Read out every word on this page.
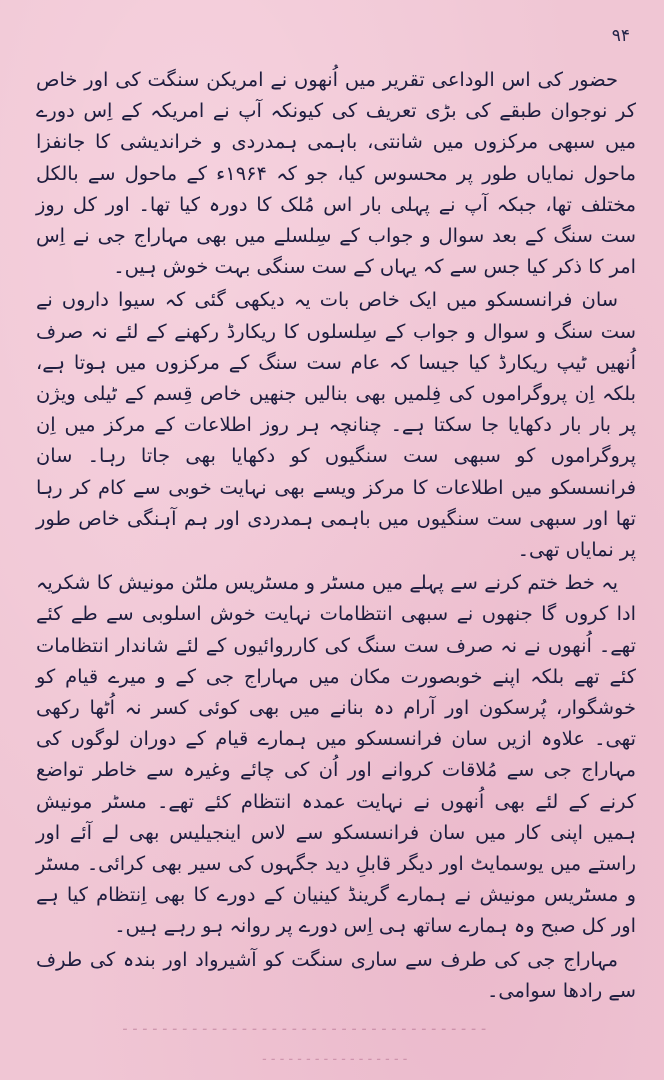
۹۴

حضور کی اس الوداعی تقریر میں اُنھوں نے امریکن سنگت کی اور خاص کر نوجوان طبقے کی بڑی تعریف کی کیونکہ آپ نے امریکہ کے اِس دورے میں سبھی مرکزوں میں شانتی، باہمی ہمدردی و خراندیشی کا جانفزا ماحول نمایاں طور پر محسوس کیا، جو کہ ۱۹۶۴ء کے ماحول سے بالکل مختلف تھا، جبکہ آپ نے پہلی بار اس مُلک کا دورہ کیا تھا۔ اور کل روز ست سنگ کے بعد سوال و جواب کے سِلسلے میں بھی مہاراج جی نے اِس امر کا ذکر کیا جس سے کہ یہاں کے ست سنگی بہت خوش ہیں۔

سان فرانسسکو میں ایک خاص بات یہ دیکھی گئی کہ سیوا داروں نے ست سنگ و سوال و جواب کے سِلسلوں کا ریکارڈ رکھنے کے لئے نہ صرف اُنھیں ٹیپ ریکارڈ کیا جیسا کہ عام ست سنگ کے مرکزوں میں ہوتا ہے، بلکہ اِن پروگراموں کی فِلمیں بھی بنالیں جنھیں خاص قِسم کے ٹیلی ویژن پر بار بار دکھایا جا سکتا ہے۔ چنانچہ ہر روز اطلاعات کے مرکز میں اِن پروگراموں کو سبھی ست سنگیوں کو دکھایا بھی جاتا رہا۔ سان فرانسسکو میں اطلاعات کا مرکز ویسے بھی نہایت خوبی سے کام کر رہا تھا اور سبھی ست سنگیوں میں باہمی ہمدردی اور ہم آہنگی خاص طور پر نمایاں تھی۔

یہ خط ختم کرنے سے پہلے میں مسٹر و مسٹریس ملٹن مونیش کا شکریہ ادا کروں گا جنھوں نے سبھی انتظامات نہایت خوش اسلوبی سے طے کئے تھے۔ اُنھوں نے نہ صرف ست سنگ کی کارروائیوں کے لئے شاندار انتظامات کئے تھے بلکہ اپنے خوبصورت مکان میں مہاراج جی کے و میرے قیام کو خوشگوار، پُرسکون اور آرام دہ بنانے میں بھی کوئی کسر نہ اُٹھا رکھی تھی۔ علاوہ ازیں سان فرانسسکو میں ہمارے قیام کے دوران لوگوں کی مہاراج جی سے مُلاقات کروانے اور اُن کی چائے وغیرہ سے خاطر تواضع کرنے کے لئے بھی اُنھوں نے نہایت عمدہ انتظام کئے تھے۔ مسٹر مونیش ہمیں اپنی کار میں سان فرانسسکو سے لاس اینجیلیس بھی لے آئے اور راستے میں یوسمایٹ اور دیگر قابلِ دید جگہوں کی سیر بھی کرائی۔ مسٹر و مسٹریس مونیش نے ہمارے گرینڈ کینیان کے دورے کا بھی اِنتظام کیا ہے اور کل صبح وہ ہمارے ساتھ ہی اِس دورے پر روانہ ہو رہے ہیں۔

مہاراج جی کی طرف سے ساری سنگت کو آشیرواد اور بندہ کی طرف سے رادھا سوامی۔

۔۔۔۔۔۔۔۔۔۔۔۔۔۔۔۔۔۔۔۔۔۔۔۔۔۔۔۔۔۔۔۔۔۔۔۔۔
۔۔۔۔۔۔۔۔۔۔۔۔۔۔۔۔۔
